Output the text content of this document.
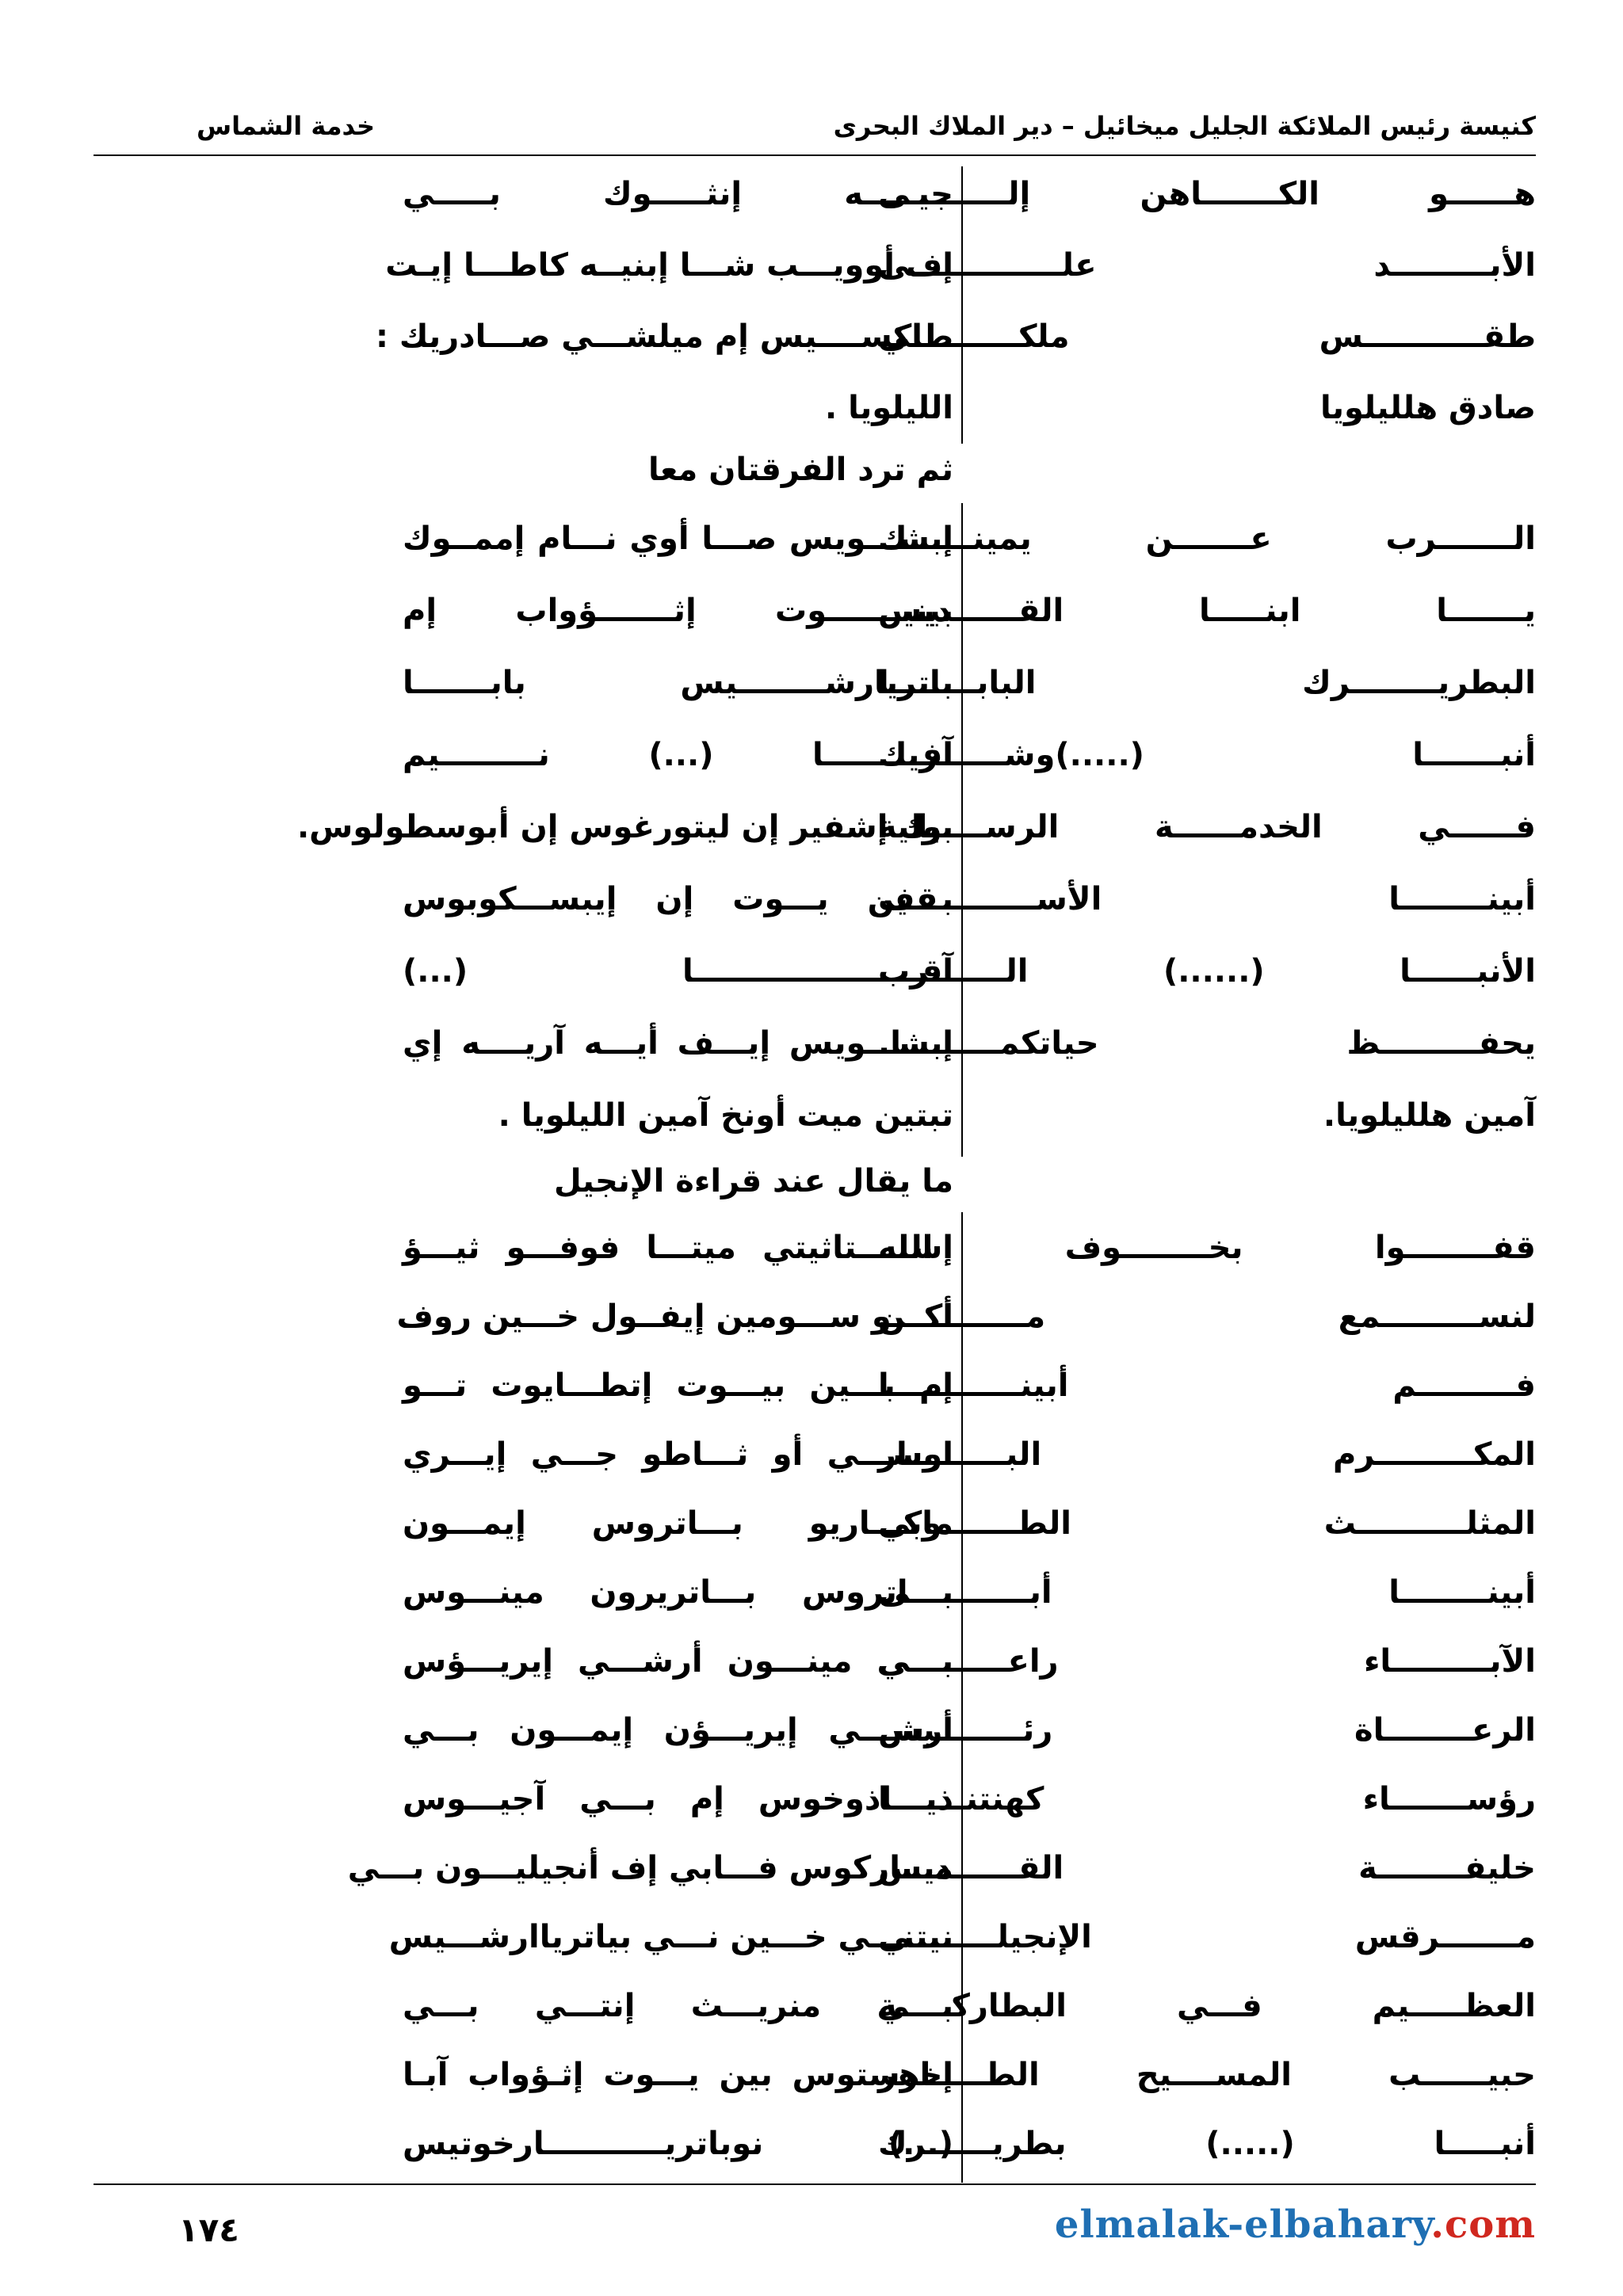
كنيسة رئيس الملائكة الجليل ميخائيل – دير الملاك البحرى
خدمة الشماس
هــــــو الكـــــــاهن إلـــــــــى
جيـــــه إنثـــــوك بـــــي
الأبـــــــــد علــــــــــــــى
إف أوويـــب شـــا إبنيــه كاطـــا إيـت
طقـــــــــــس ملكــــــــــي
طاكســــيس إم ميلشـــي صـــادريك :
صادق هلليلويا
الليلويا .
ثم ترد الفرقتان معا
الـــــــرب عـــــــن يمينــــــك
إبشـــويس صـــا أوي نـــام إممــوك
يـــــــا ابنـــــا القــــــديس
بينيـــــــوت إثـــــــؤواب إم
البطريــــــــرك البابــــــــا
باتريارشــــــــيس بابـــــــا
أنبـــــــا (.....)وشــــــريك
آفـــــــــا (...) نـــــــــيم
فــــــي الخدمــــــة الرســــولية
بيك إشفير إن ليتورغوس إن أبوسطولوس.
أبينــــــــا الأســـــــــقف
بـــين يـــوت إن إيبســـكوبوس
الأنبــــــا (......) الـــــــرب
آقـــــــــــــــــــــا (...)
يحفـــــــــظ حياتكمـــــــــا.
إبشـــويس إيـــف أيـــه آريــــه إي
آمين هلليلويا.
تبتين ميت أونخ آمين الليلويا .
ما يقال عند قراءة الإنجيل
قفــــــــوا بخــــــــوف الله
إســـــتاثيتي ميتـــا فوفـــو ثيـــؤ
لنســـــــــمع مـــــــــــن
أكـــو ســـومين إيفــول خـــين روف
فـــــــــم أبينــــــــــــا
إم بـــين بيـــوت إتطـــايوت تـــو
المكـــــــــرم البـــــــــار
اوســـي أو ثـــاطو جـــي إيـــري
المثلــــــــــث الطـــــــوبي
ماكـــاريو بـــاتروس إيمـــون
أبينــــــــا أبـــــــــــى
بـــاتروس بـــاتريرون مينـــوس
الآبـــــــــاء راعـــــــــى
بـــي مينـــون أرشـــي إيريـــؤس
الرعــــــــاة رئــــــــيس
أرشـــي إيريـــؤن إيمـــون بـــي
رؤســـــــاء كهنتنـــــــا
ذيـــاذوخوس إم بـــي آجيـــوس
خليفــــــــة القــــــديس
مـــاركوس فـــابي إف أنجيليـــون بـــي
مـــــــرقس الإنجيلــــــــي
نيتنـــي خـــين نـــي بياترياارشـــيس
العظـــــيم فـــي البطاركـــــة
بـــي منريـــث إنتـــي بـــي
حبيــــــب المســــيح الطـــــاهر
إخرستوس بين يـــوت إثـؤواب آبـا
أنبـــــا (.....) بطريــــــرك
(...) نوباتريـــــــــــارخوتيس
١٧٤	elmalak-elbahary.com
